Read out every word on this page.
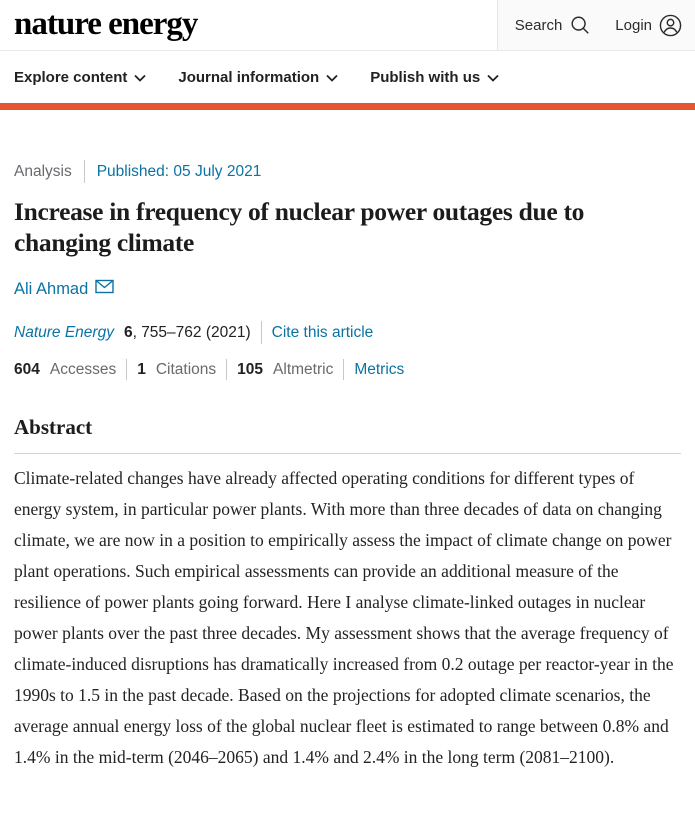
nature energy	Search	Login
Explore content	Journal information	Publish with us
Analysis Published: 05 July 2021
Increase in frequency of nuclear power outages due to changing climate
Ali Ahmad
Nature Energy 6, 755–762 (2021) Cite this article
604 Accesses 1 Citations 105 Altmetric Metrics
Abstract

Climate-related changes have already affected operating conditions for different types of energy system, in particular power plants. With more than three decades of data on changing climate, we are now in a position to empirically assess the impact of climate change on power plant operations. Such empirical assessments can provide an additional measure of the resilience of power plants going forward. Here I analyse climate-linked outages in nuclear power plants over the past three decades. My assessment shows that the average frequency of climate-induced disruptions has dramatically increased from 0.2 outage per reactor-year in the 1990s to 1.5 in the past decade. Based on the projections for adopted climate scenarios, the average annual energy loss of the global nuclear fleet is estimated to range between 0.8% and 1.4% in the mid-term (2046–2065) and 1.4% and 2.4% in the long term (2081–2100).
